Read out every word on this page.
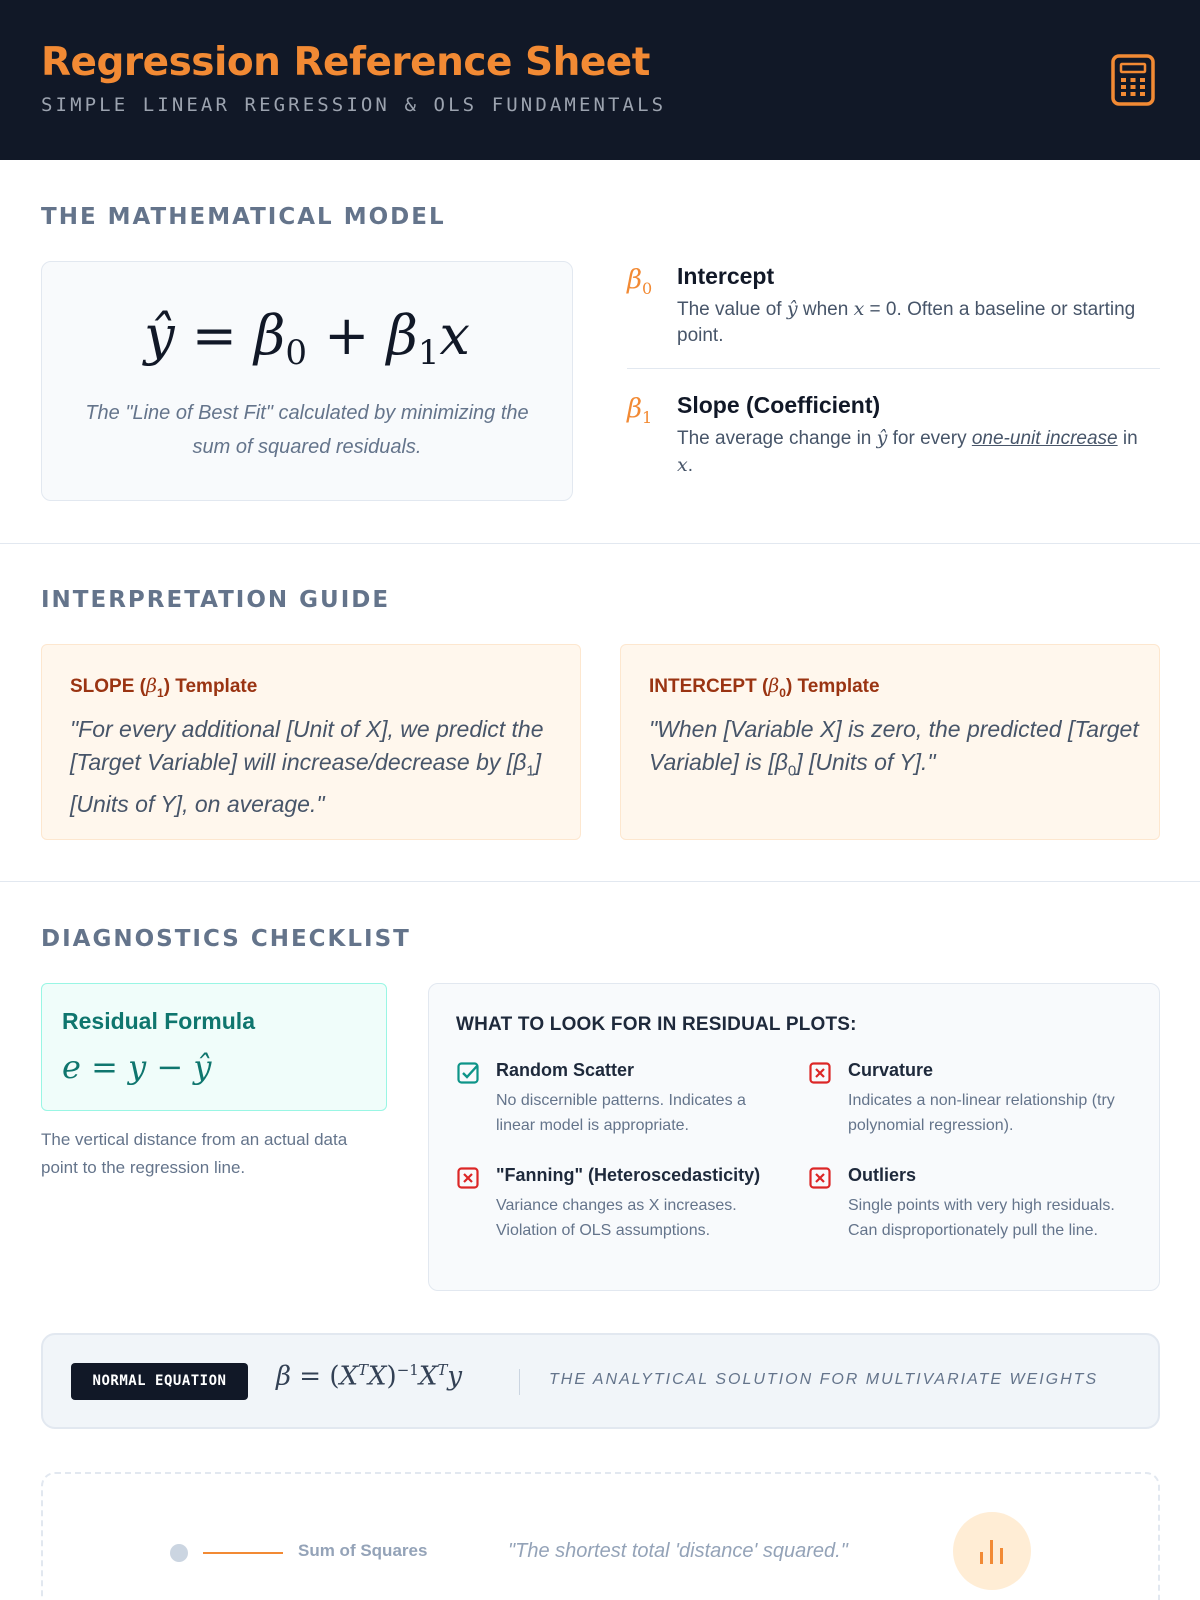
Regression Reference Sheet
SIMPLE LINEAR REGRESSION & OLS FUNDAMENTALS
THE MATHEMATICAL MODEL
ŷ = $\beta_0 + \beta_1x$
The "Line of Best Fit" calculated by minimizing the sum of squared residuals.
$\beta_0$ Intercept
The value of ŷ when x = 0. Often a baseline or starting point.
$\beta_1$ Slope (Coefficient)
The average change in ŷ for every one-unit increase in x.
INTERPRETATION GUIDE
SLOPE $(\beta_1)$ Template
"For every additional [Unit of X], we predict the [Target Variable] will increase/decrease by $[\beta_1]$ [Units of Y], on average."
INTERCEPT $(\beta_0)$ Template
"When [Variable X] is zero, the predicted [Target Variable] is $[\beta_0]$ [Units of Y]."
DIAGNOSTICS CHECKLIST
Residual Formula
e = y − ŷ
The vertical distance from an actual data point to the regression line.
WHAT TO LOOK FOR IN RESIDUAL PLOTS:
Random Scatter
No discernible patterns. Indicates a linear model is appropriate.
Curvature
Indicates a non-linear relationship (try polynomial regression).
"Fanning" (Heteroscedasticity)
Variance changes as X increases. Violation of OLS assumptions.
Outliers
Single points with very high residuals. Can disproportionately pull the line.
NORMAL EQUATION	$\beta = (X^TX)^{-1}X^Ty$	THE ANALYTICAL SOLUTION FOR MULTIVARIATE WEIGHTS
Sum of Squares	"The shortest total 'distance' squared."
